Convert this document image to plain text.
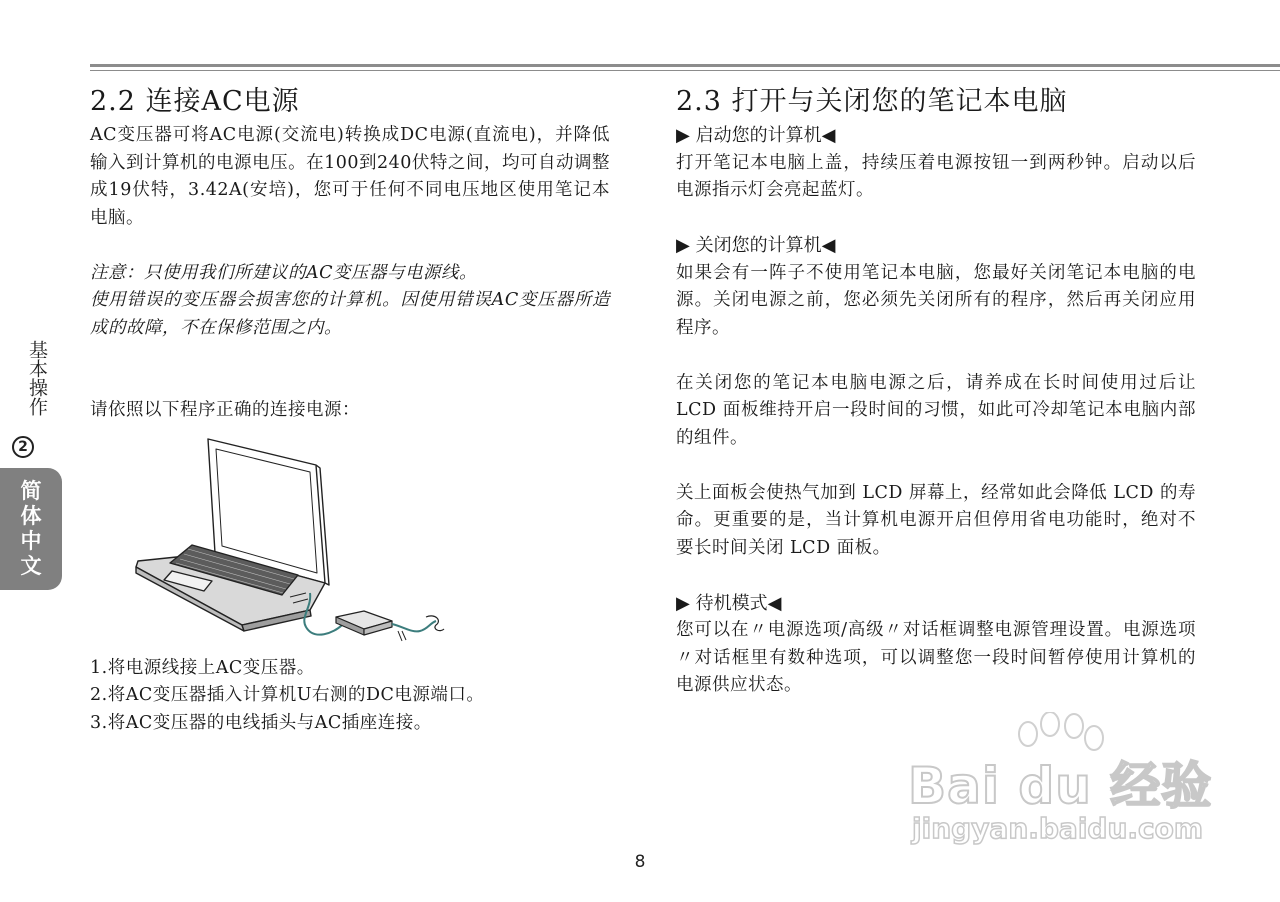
2.2 连接AC电源

AC变压器可将AC电源(交流电)转换成DC电源(直流电)，并降低输入到计算机的电源电压。在100到240伏特之间，均可自动调整成19伏特，3.42A(安培)，您可于任何不同电压地区使用笔记本电脑。

注意：只使用我们所建议的AC变压器与电源线。

使用错误的变压器会损害您的计算机。因使用错误AC变压器所造成的故障，不在保修范围之内。

请依照以下程序正确的连接电源：

1.将电源线接上AC变压器。

2.将AC变压器插入计算机U右测的DC电源端口。

3.将AC变压器的电线插头与AC插座连接。

2.3 打开与关闭您的笔记本电脑

▶ 启动您的计算机◀

打开笔记本电脑上盖，持续压着电源按钮一到两秒钟。启动以后电源指示灯会亮起蓝灯。

▶ 关闭您的计算机◀

如果会有一阵子不使用笔记本电脑，您最好关闭笔记本电脑的电源。关闭电源之前，您必须先关闭所有的程序，然后再关闭应用程序。

在关闭您的笔记本电脑电源之后，请养成在长时间使用过后让 LCD 面板维持开启一段时间的习惯，如此可冷却笔记本电脑内部的组件。

关上面板会使热气加到 LCD 屏幕上，经常如此会降低 LCD 的寿命。更重要的是，当计算机电源开启但停用省电功能时，绝对不要长时间关闭 LCD 面板。

▶ 待机模式◀

您可以在〃电源选项/高级〃对话框调整电源管理设置。电源选项〃对话框里有数种选项，可以调整您一段时间暂停使用计算机的电源供应状态。

基本操作
2
简体中文
8
Bai du 经验
jingyan.baidu.com
